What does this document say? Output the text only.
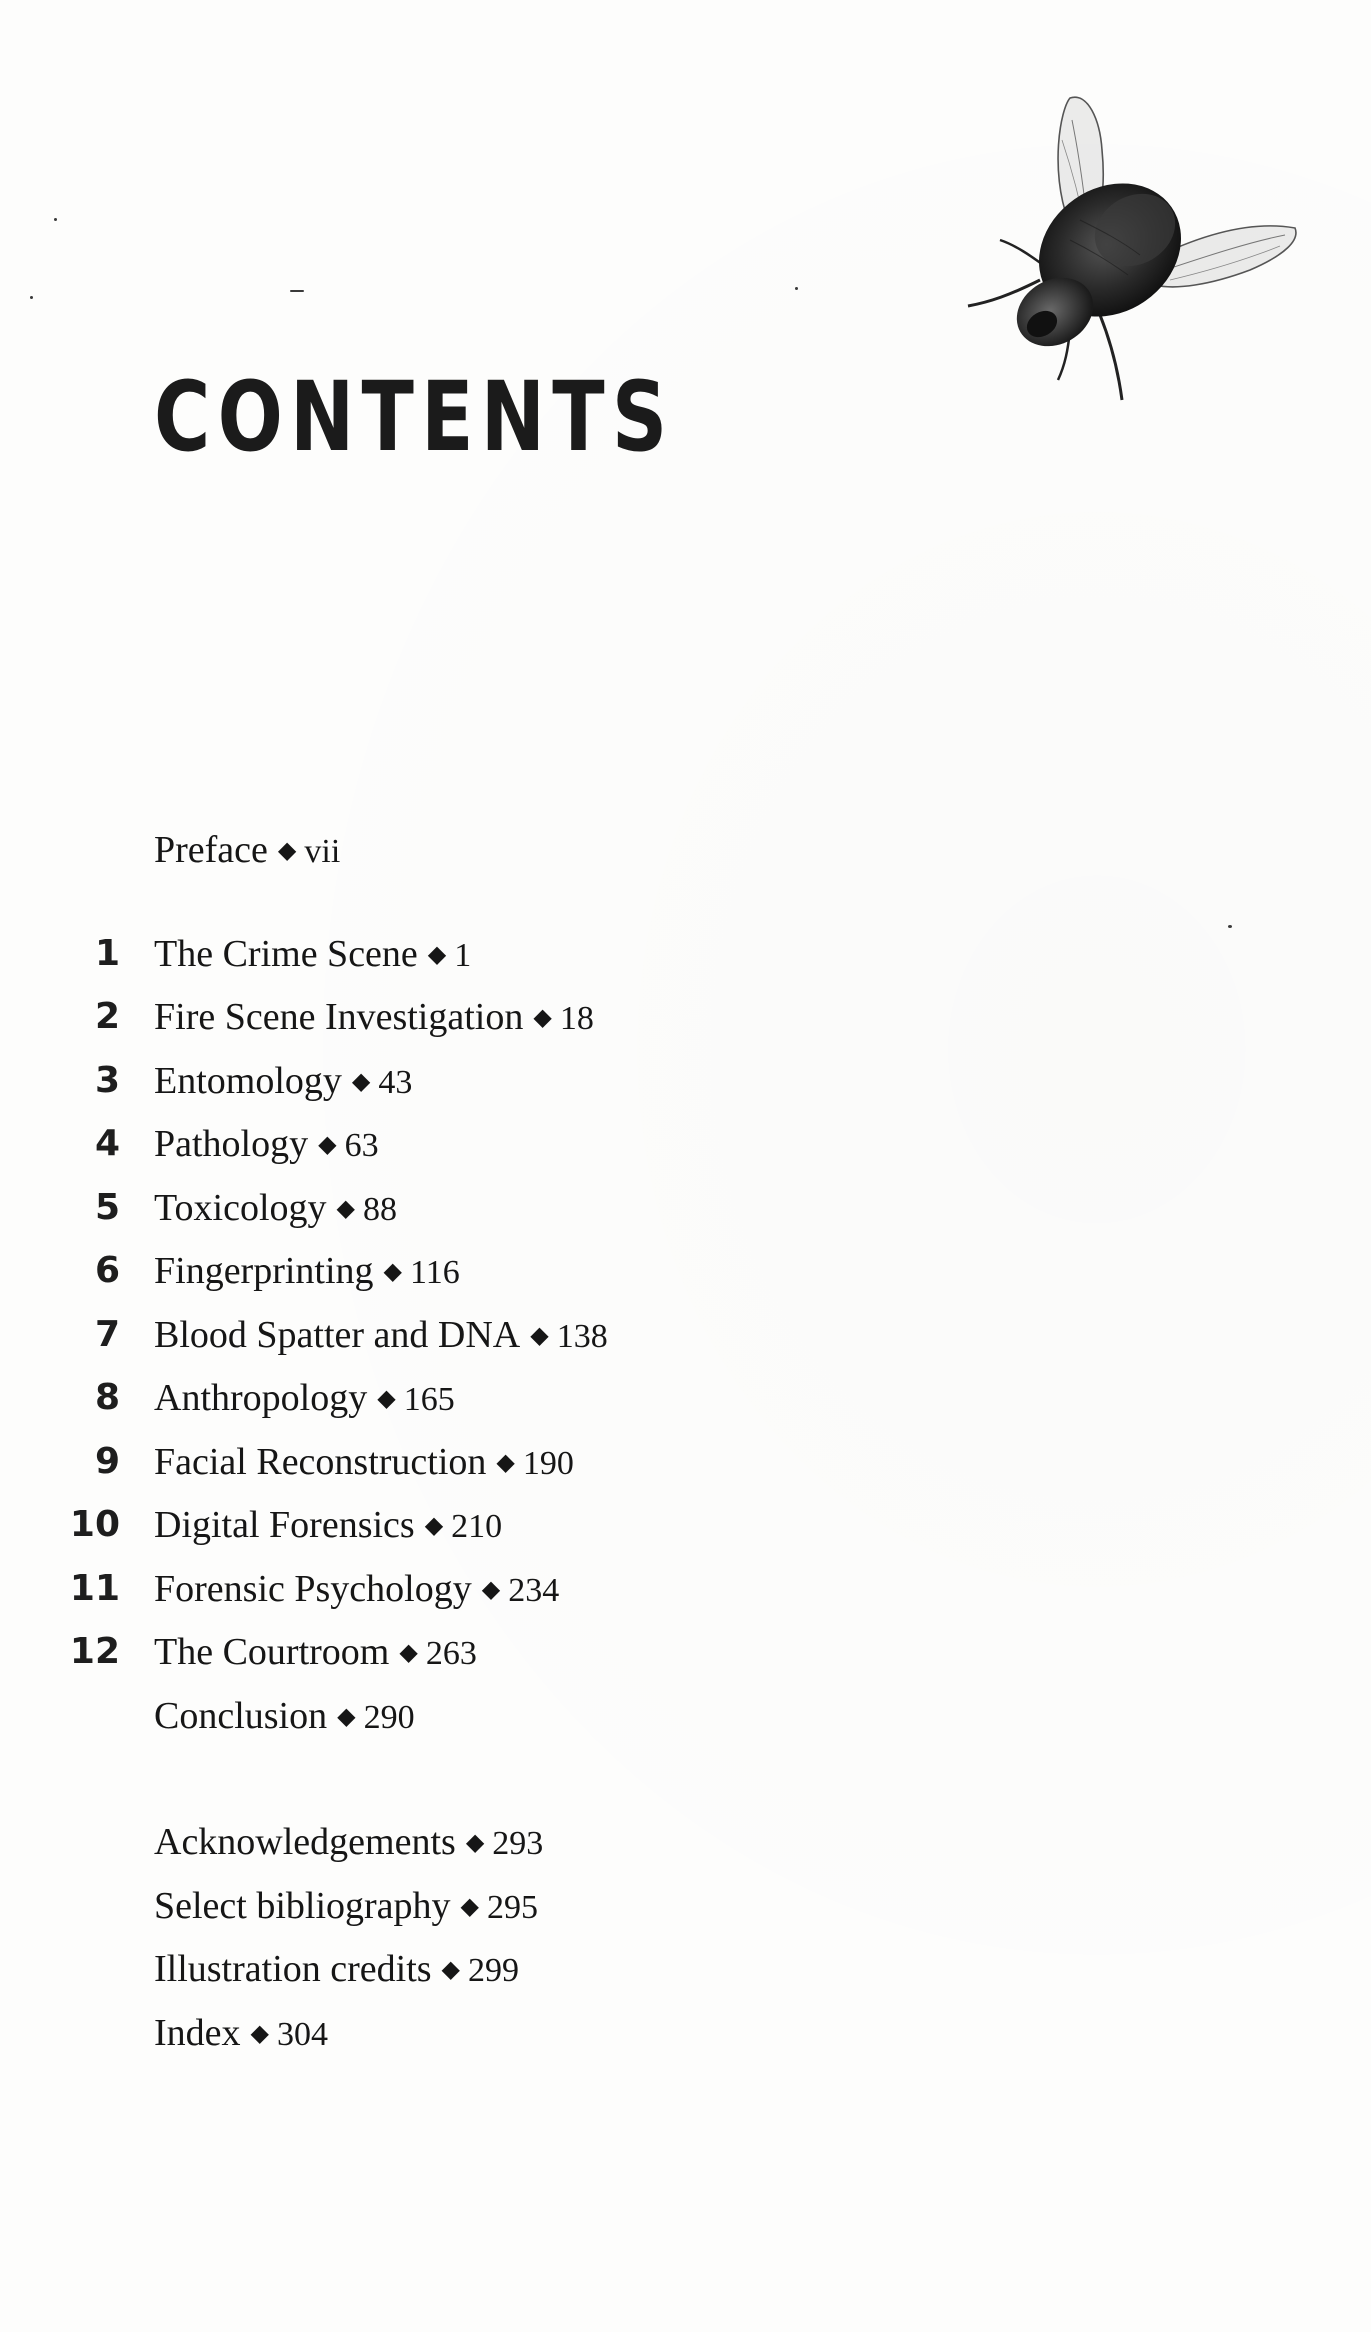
CONTENTS
Preface ◆ vii
1 The Crime Scene ◆ 1
2 Fire Scene Investigation ◆ 18
3 Entomology ◆ 43
4 Pathology ◆ 63
5 Toxicology ◆ 88
6 Fingerprinting ◆ 116
7 Blood Spatter and DNA ◆ 138
8 Anthropology ◆ 165
9 Facial Reconstruction ◆ 190
10 Digital Forensics ◆ 210
11 Forensic Psychology ◆ 234
12 The Courtroom ◆ 263
Conclusion ◆ 290
Acknowledgements ◆ 293
Select bibliography ◆ 295
Illustration credits ◆ 299
Index ◆ 304
